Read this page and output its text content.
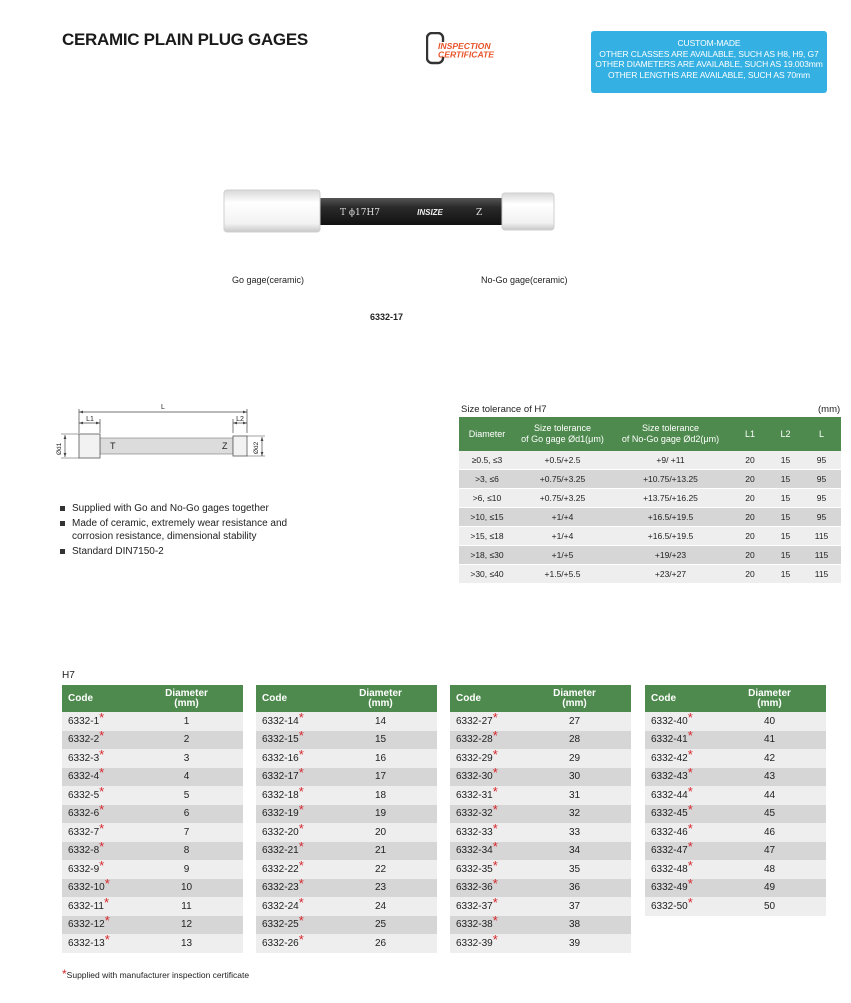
CERAMIC PLAIN PLUG GAGES	INSPECTION
CERTIFICATE
CUSTOM-MADE
OTHER CLASSES ARE AVAILABLE, SUCH AS H8, H9, G7
OTHER DIAMETERS ARE AVAILABLE, SUCH AS 19.003mm
OTHER LENGTHS ARE AVAILABLE, SUCH AS 70mm
T ϕ17H7	INSIZE	Z
Go gage(ceramic)	No-Go gage(ceramic)
6332-17
L
L1	L2
T	Z
Ød1	Ød2
Supplied with Go and No-Go gages together
Made of ceramic, extremely wear resistance and
corrosion resistance, dimensional stability
Standard DIN7150-2
Size tolerance of H7	(mm)
Diameter	Size tolerance
of Go gage Ød1(μm)	Size tolerance
of No-Go gage Ød2(μm)	L1	L2	L
≥0.5, ≤3	+0.5/+2.5	+9/ +11	20	15	95
>3, ≤6	+0.75/+3.25	+10.75/+13.25	20	15	95
>6, ≤10	+0.75/+3.25	+13.75/+16.25	20	15	95
>10, ≤15	+1/+4	+16.5/+19.5	20	15	95
>15, ≤18	+1/+4	+16.5/+19.5	20	15	115
>18, ≤30	+1/+5	+19/+23	20	15	115
>30, ≤40	+1.5/+5.5	+23/+27	20	15	115
H7
Code	Diameter
(mm)
6332-1*	1
6332-2*	2
6332-3*	3
6332-4*	4
6332-5*	5
6332-6*	6
6332-7*	7
6332-8*	8
6332-9*	9
6332-10*	10
6332-11*	11
6332-12*	12
6332-13*	13
Code	Diameter
(mm)
6332-14*	14
6332-15*	15
6332-16*	16
6332-17*	17
6332-18*	18
6332-19*	19
6332-20*	20
6332-21*	21
6332-22*	22
6332-23*	23
6332-24*	24
6332-25*	25
6332-26*	26
Code	Diameter
(mm)
6332-27*	27
6332-28*	28
6332-29*	29
6332-30*	30
6332-31*	31
6332-32*	32
6332-33*	33
6332-34*	34
6332-35*	35
6332-36*	36
6332-37*	37
6332-38*	38
6332-39*	39
Code	Diameter
(mm)
6332-40*	40
6332-41*	41
6332-42*	42
6332-43*	43
6332-44*	44
6332-45*	45
6332-46*	46
6332-47*	47
6332-48*	48
6332-49*	49
6332-50*	50
*Supplied with manufacturer inspection certificate
